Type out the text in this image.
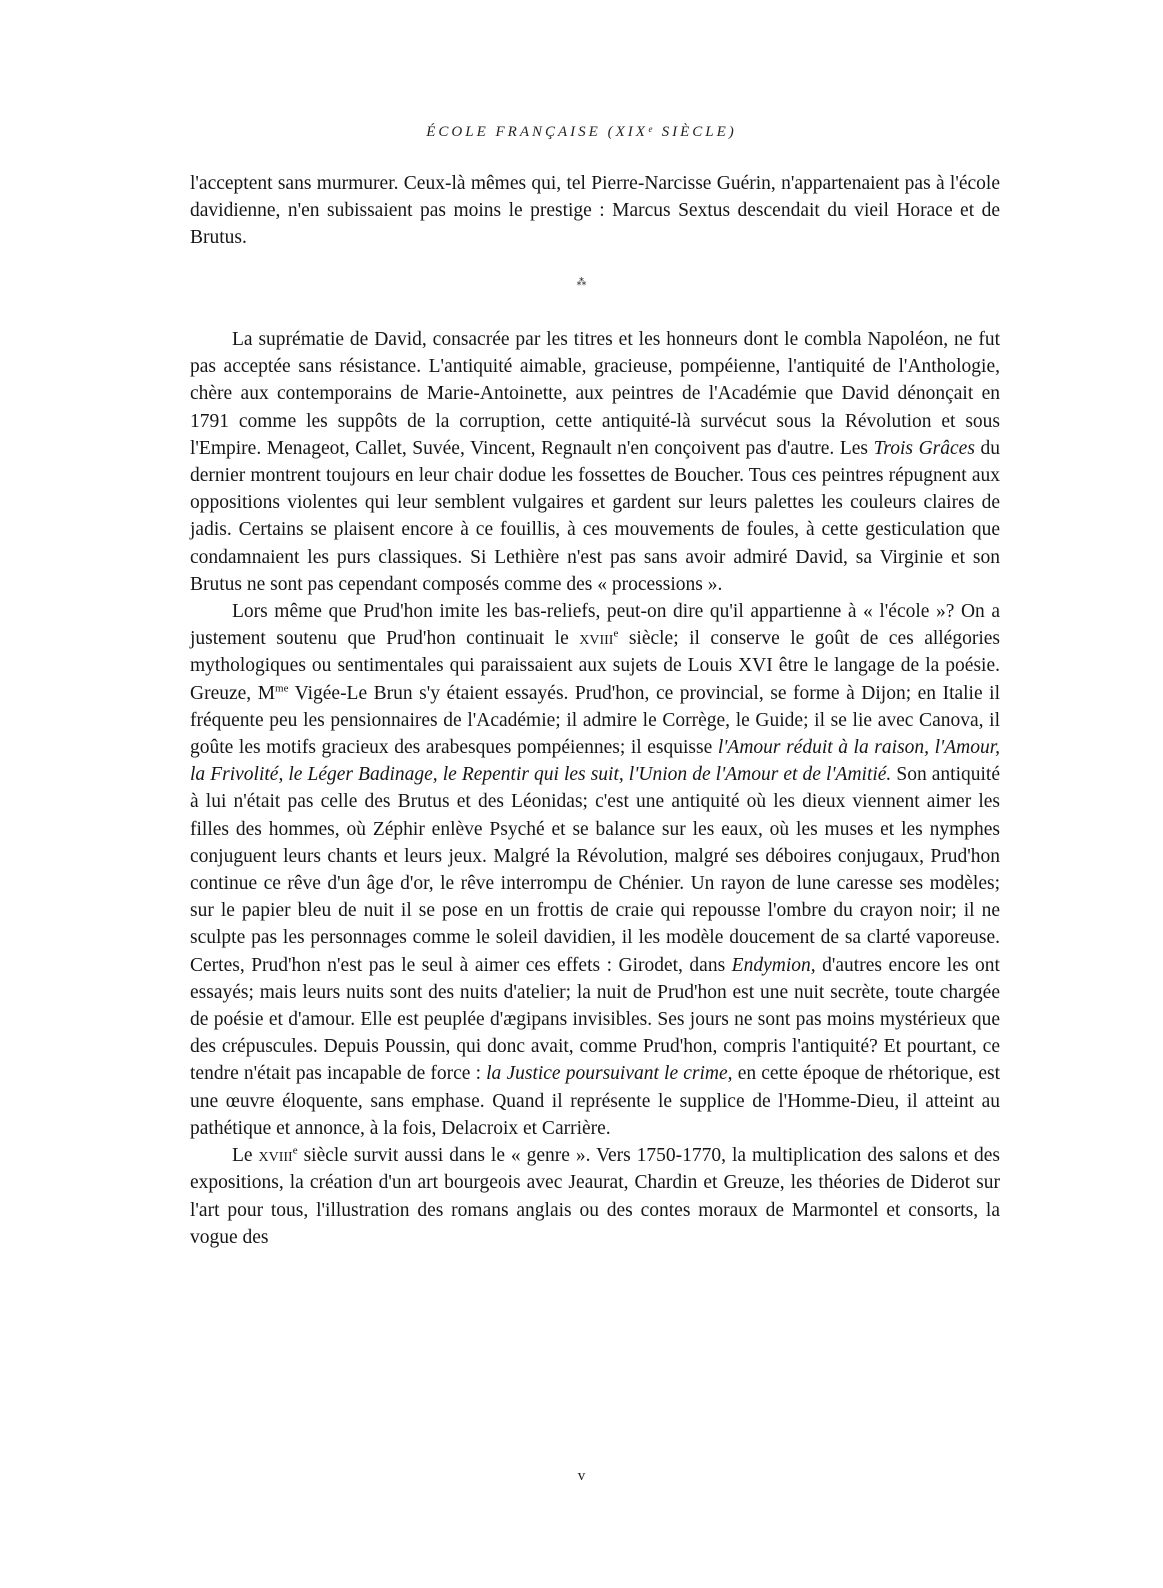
ÉCOLE FRANÇAISE (XIXᵉ SIÈCLE)

l'acceptent sans murmurer. Ceux-là mêmes qui, tel Pierre-Narcisse Guérin, n'appartenaient pas à l'école davidienne, n'en subissaient pas moins le prestige : Marcus Sextus descendait du vieil Horace et de Brutus.

⁂

La suprématie de David, consacrée par les titres et les honneurs dont le combla Napoléon, ne fut pas acceptée sans résistance. L'antiquité aimable, gracieuse, pompéienne, l'antiquité de l'Anthologie, chère aux contemporains de Marie-Antoinette, aux peintres de l'Académie que David dénonçait en 1791 comme les suppôts de la corruption, cette antiquité-là survécut sous la Révolution et sous l'Empire. Menageot, Callet, Suvée, Vincent, Regnault n'en conçoivent pas d'autre. Les Trois Grâces du dernier montrent toujours en leur chair dodue les fossettes de Boucher. Tous ces peintres répugnent aux oppositions violentes qui leur semblent vulgaires et gardent sur leurs palettes les couleurs claires de jadis. Certains se plaisent encore à ce fouillis, à ces mouvements de foules, à cette gesticulation que condamnaient les purs classiques. Si Lethière n'est pas sans avoir admiré David, sa Virginie et son Brutus ne sont pas cependant composés comme des « processions ».

Lors même que Prud'hon imite les bas-reliefs, peut-on dire qu'il appartienne à « l'école »? On a justement soutenu que Prud'hon continuait le xviii$^e$ siècle; il conserve le goût de ces allégories mythologiques ou sentimentales qui paraissaient aux sujets de Louis XVI être le langage de la poésie. Greuze, $M^{me}$ Vigée-Le Brun s'y étaient essayés. Prud'hon, ce provincial, se forme à Dijon; en Italie il fréquente peu les pensionnaires de l'Académie; il admire le Corrège, le Guide; il se lie avec Canova, il goûte les motifs gracieux des arabesques pompéiennes; il esquisse l'Amour réduit à la raison, l'Amour, la Frivolité, le Léger Badinage, le Repentir qui les suit, l'Union de l'Amour et de l'Amitié. Son antiquité à lui n'était pas celle des Brutus et des Léonidas; c'est une antiquité où les dieux viennent aimer les filles des hommes, où Zéphir enlève Psyché et se balance sur les eaux, où les muses et les nymphes conjuguent leurs chants et leurs jeux. Malgré la Révolution, malgré ses déboires conjugaux, Prud'hon continue ce rêve d'un âge d'or, le rêve interrompu de Chénier. Un rayon de lune caresse ses modèles; sur le papier bleu de nuit il se pose en un frottis de craie qui repousse l'ombre du crayon noir; il ne sculpte pas les personnages comme le soleil davidien, il les modèle doucement de sa clarté vaporeuse. Certes, Prud'hon n'est pas le seul à aimer ces effets : Girodet, dans Endymion, d'autres encore les ont essayés; mais leurs nuits sont des nuits d'atelier; la nuit de Prud'hon est une nuit secrète, toute chargée de poésie et d'amour. Elle est peuplée d'ægipans invisibles. Ses jours ne sont pas moins mystérieux que des crépuscules. Depuis Poussin, qui donc avait, comme Prud'hon, compris l'antiquité? Et pourtant, ce tendre n'était pas incapable de force : la Justice poursuivant le crime, en cette époque de rhétorique, est une œuvre éloquente, sans emphase. Quand il représente le supplice de l'Homme-Dieu, il atteint au pathétique et annonce, à la fois, Delacroix et Carrière.

Le xviii$^e$ siècle survit aussi dans le « genre ». Vers 1750-1770, la multiplication des salons et des expositions, la création d'un art bourgeois avec Jeaurat, Chardin et Greuze, les théories de Diderot sur l'art pour tous, l'illustration des romans anglais ou des contes moraux de Marmontel et consorts, la vogue des

v
